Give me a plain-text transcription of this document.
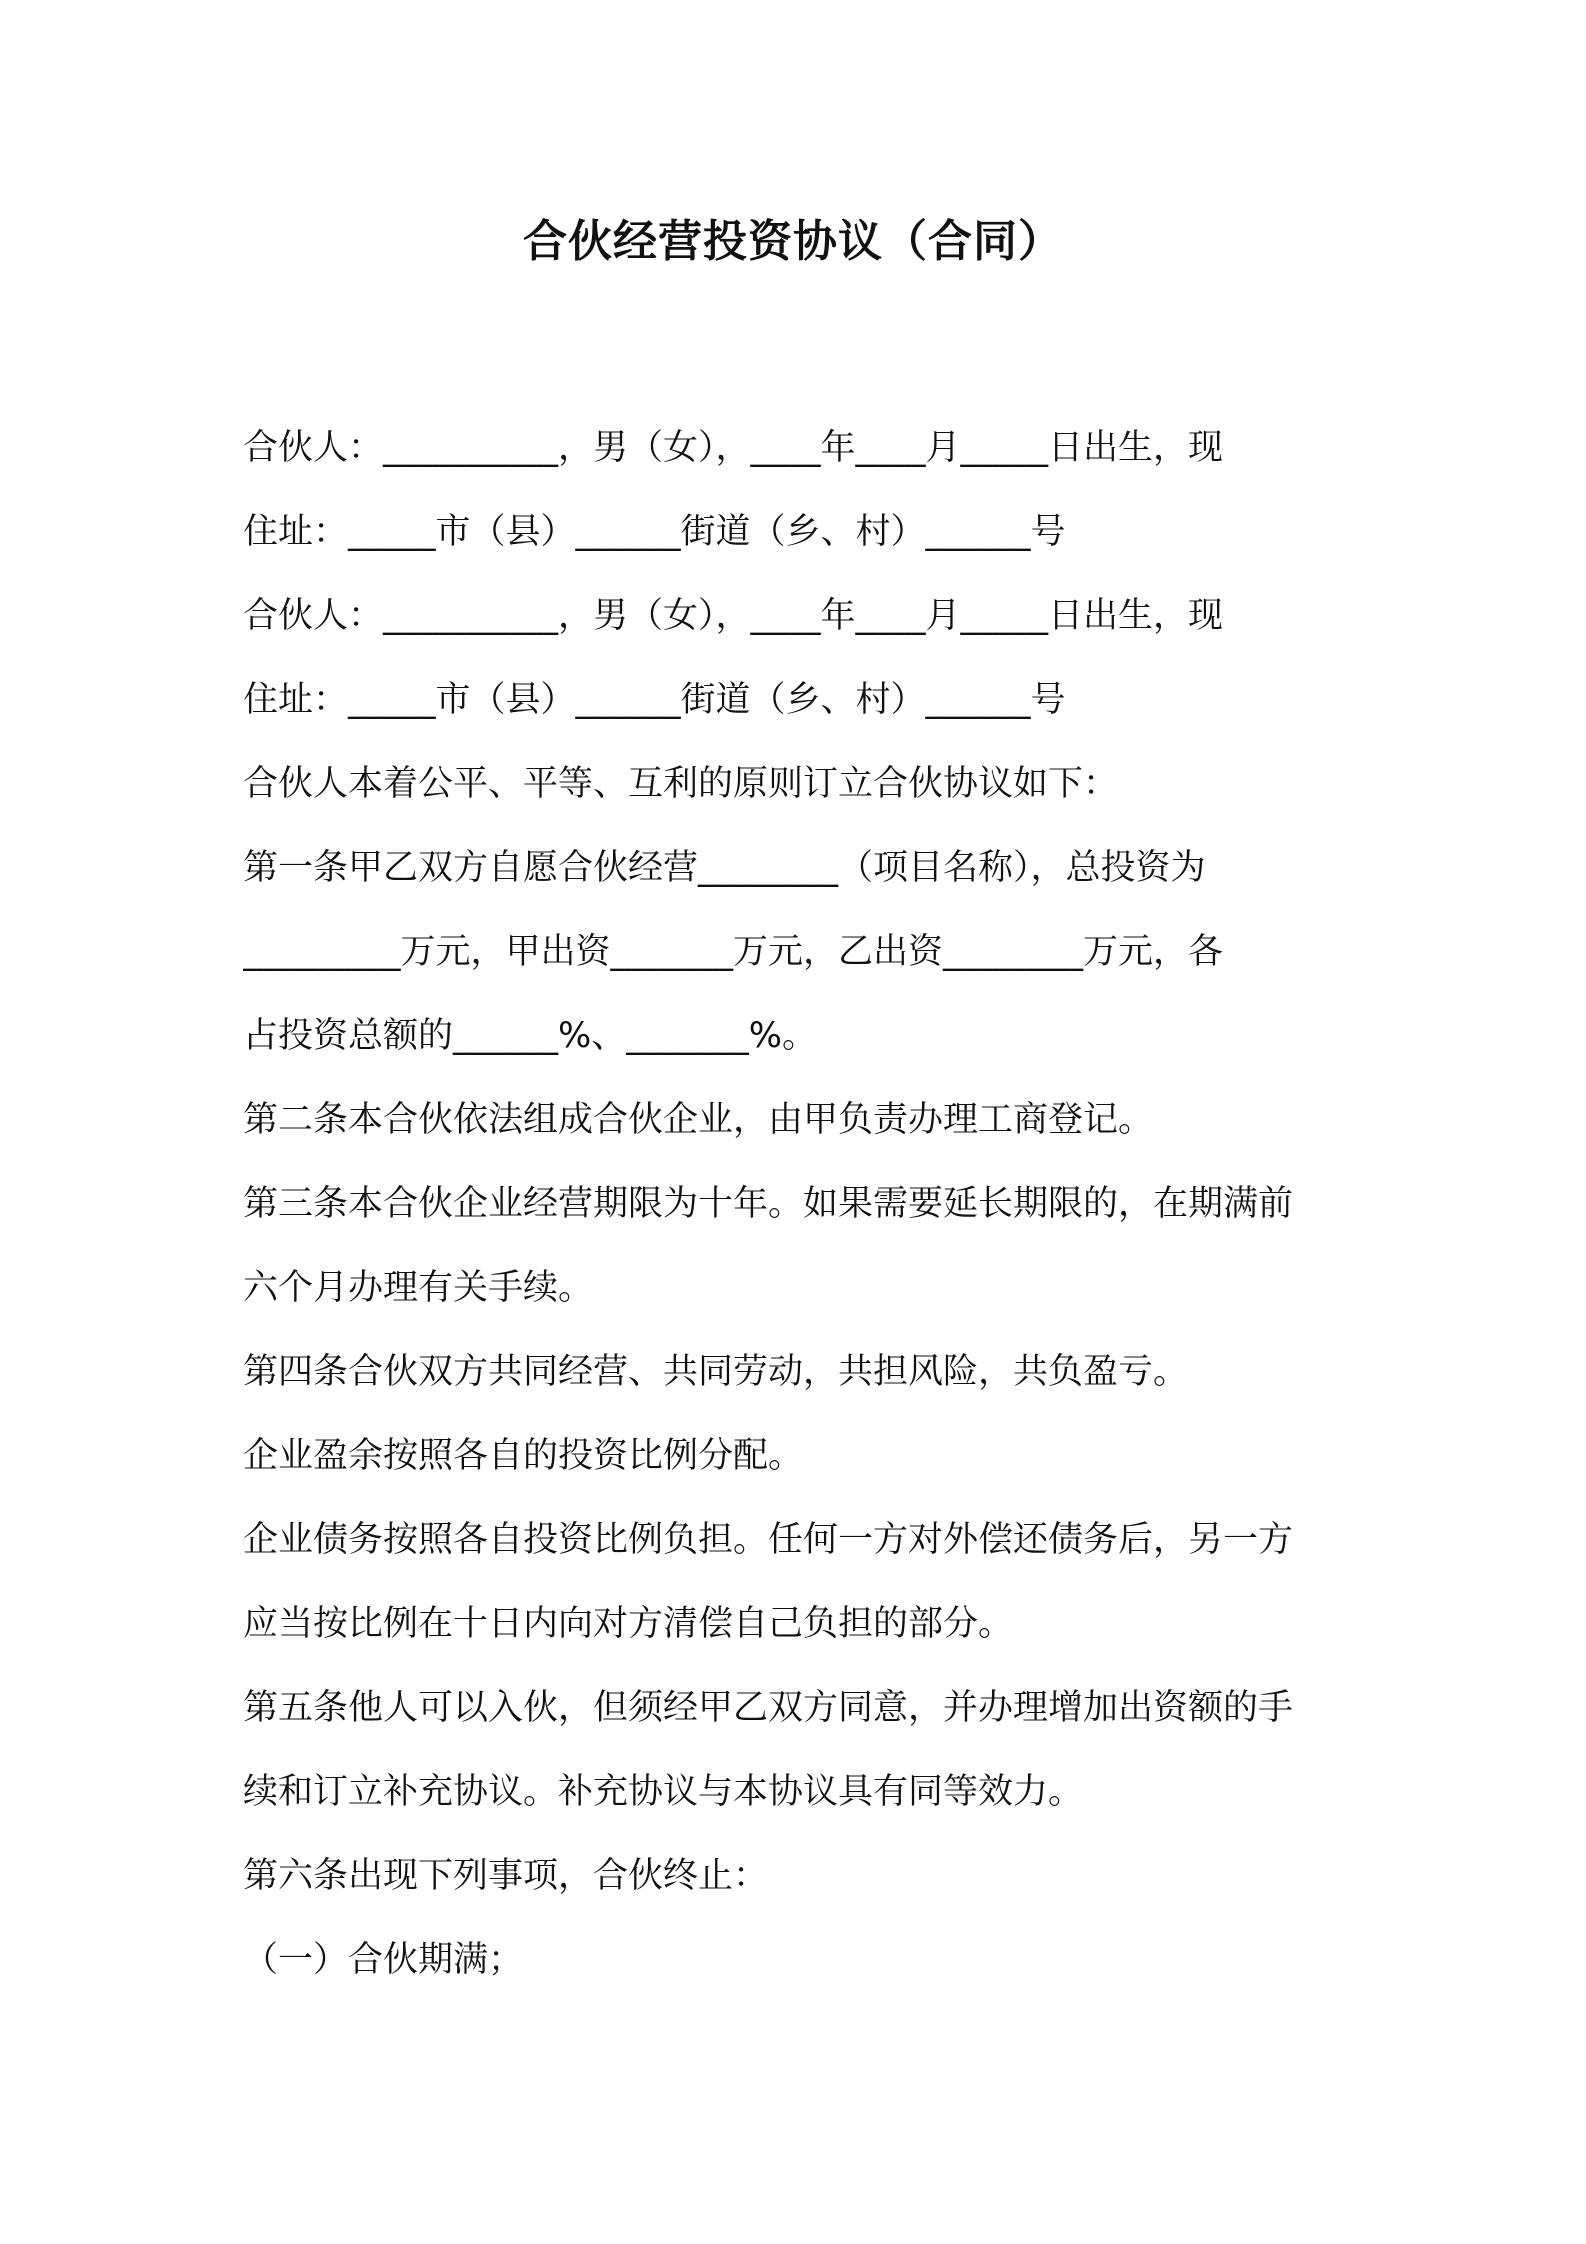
合伙经营投资协议（合同）

合伙人：__________，男（女），____年____月_____日出生，现

住址：_____市（县）______街道（乡、村）______号

合伙人：__________，男（女），____年____月_____日出生，现

住址：_____市（县）______街道（乡、村）______号

合伙人本着公平、平等、互利的原则订立合伙协议如下：

第一条甲乙双方自愿合伙经营________（项目名称），总投资为

_________万元，甲出资_______万元，乙出资________万元，各

占投资总额的______%、_______%。

第二条本合伙依法组成合伙企业，由甲负责办理工商登记。

第三条本合伙企业经营期限为十年。如果需要延长期限的，在期满前

六个月办理有关手续。

第四条合伙双方共同经营、共同劳动，共担风险，共负盈亏。

企业盈余按照各自的投资比例分配。

企业债务按照各自投资比例负担。任何一方对外偿还债务后，另一方

应当按比例在十日内向对方清偿自己负担的部分。

第五条他人可以入伙，但须经甲乙双方同意，并办理增加出资额的手

续和订立补充协议。补充协议与本协议具有同等效力。

第六条出现下列事项，合伙终止：

（一）合伙期满；
